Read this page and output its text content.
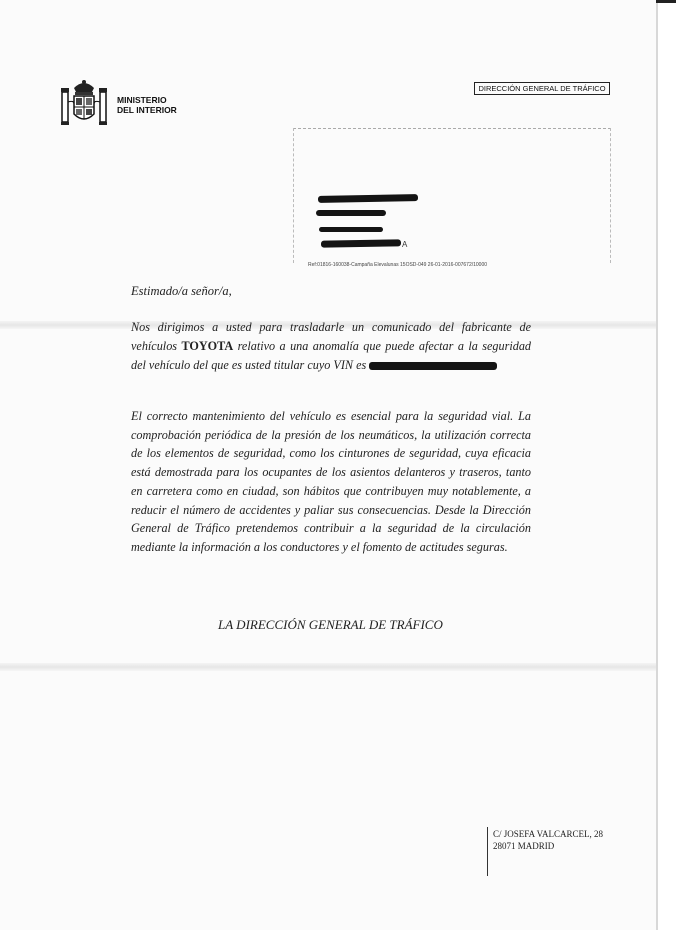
MINISTERIO
DEL INTERIOR
DIRECCIÓN GENERAL DE TRÁFICO
A
Ref:01816-160038-Campaña Elevalunas 15OSD-049 26-01-2016-007672/10000
Estimado/a señor/a,
Nos dirigimos a usted para trasladarle un comunicado del fabricante de vehículos TOYOTA relativo a una anomalía que puede afectar a la seguridad del vehículo del que es usted titular cuyo VIN es
El correcto mantenimiento del vehículo es esencial para la seguridad vial. La comprobación periódica de la presión de los neumáticos, la utilización correcta de los elementos de seguridad, como los cinturones de seguridad, cuya eficacia está demostrada para los ocupantes de los asientos delanteros y traseros, tanto en carretera como en ciudad, son hábitos que contribuyen muy notablemente, a reducir el número de accidentes y paliar sus consecuencias. Desde la Dirección General de Tráfico pretendemos contribuir a la seguridad de la circulación mediante la información a los conductores y el fomento de actitudes seguras.
LA DIRECCIÓN GENERAL DE TRÁFICO
C/ JOSEFA VALCARCEL, 28
28071 MADRID
